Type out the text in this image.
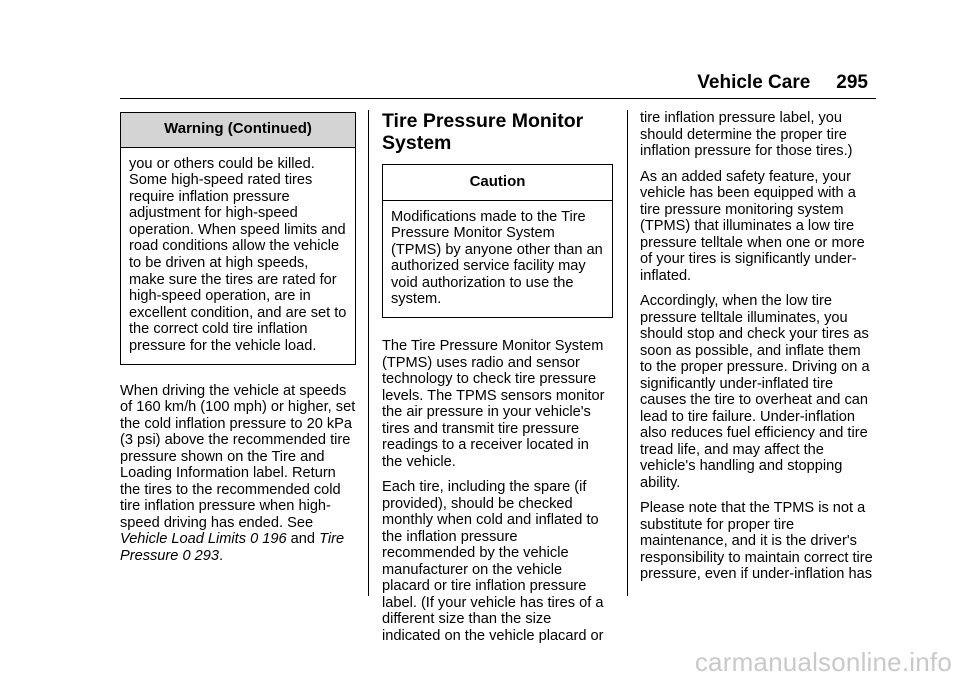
Vehicle Care 295
Warning (Continued)
you or others could be killed. Some high-speed rated tires require inflation pressure adjustment for high-speed operation. When speed limits and road conditions allow the vehicle to be driven at high speeds, make sure the tires are rated for high-speed operation, are in excellent condition, and are set to the correct cold tire inflation pressure for the vehicle load.

When driving the vehicle at speeds of 160 km/h (100 mph) or higher, set the cold inflation pressure to 20 kPa (3 psi) above the recommended tire pressure shown on the Tire and Loading Information label. Return the tires to the recommended cold tire inflation pressure when high-speed driving has ended. See Vehicle Load Limits 0 196 and Tire Pressure 0 293.

Tire Pressure Monitor System
Caution
Modifications made to the Tire Pressure Monitor System (TPMS) by anyone other than an authorized service facility may void authorization to use the system.

The Tire Pressure Monitor System (TPMS) uses radio and sensor technology to check tire pressure levels. The TPMS sensors monitor the air pressure in your vehicle's tires and transmit tire pressure readings to a receiver located in the vehicle.

Each tire, including the spare (if provided), should be checked monthly when cold and inflated to the inflation pressure recommended by the vehicle manufacturer on the vehicle placard or tire inflation pressure label. (If your vehicle has tires of a different size than the size indicated on the vehicle placard or

tire inflation pressure label, you should determine the proper tire inflation pressure for those tires.)

As an added safety feature, your vehicle has been equipped with a tire pressure monitoring system (TPMS) that illuminates a low tire pressure telltale when one or more of your tires is significantly under-inflated.

Accordingly, when the low tire pressure telltale illuminates, you should stop and check your tires as soon as possible, and inflate them to the proper pressure. Driving on a significantly under-inflated tire causes the tire to overheat and can lead to tire failure. Under-inflation also reduces fuel efficiency and tire tread life, and may affect the vehicle's handling and stopping ability.

Please note that the TPMS is not a substitute for proper tire maintenance, and it is the driver's responsibility to maintain correct tire pressure, even if under-inflation has

carmanualsonline.info
